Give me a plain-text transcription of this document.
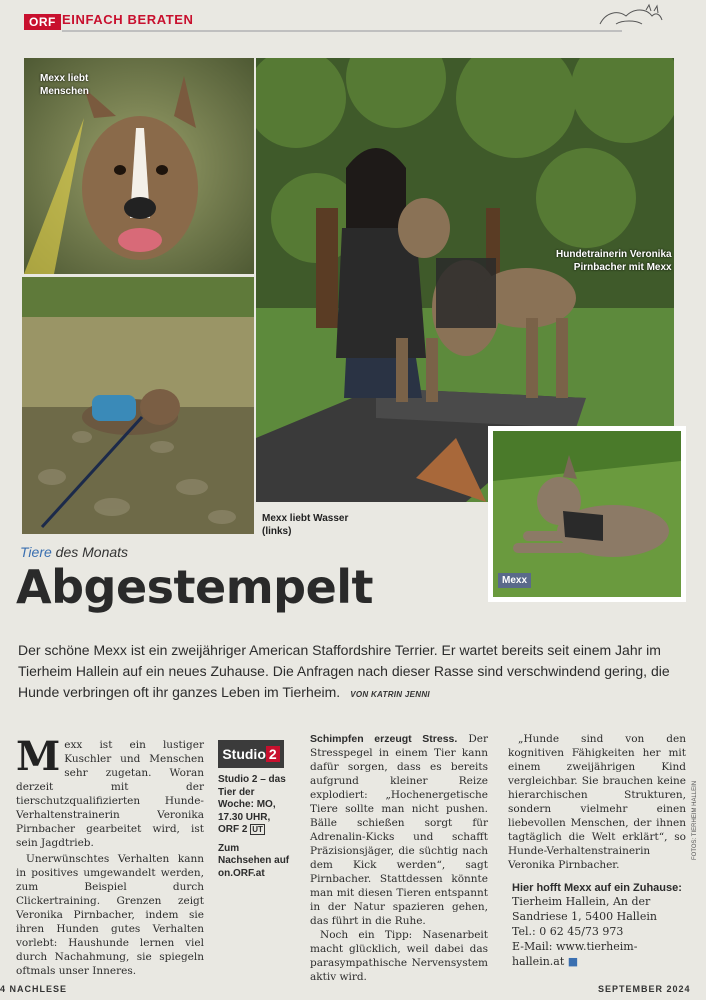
ORF EINFACH BERATEN
Mexx liebt
Menschen
Hundetrainerin Veronika
Pirnbacher mit Mexx
Mexx liebt Wasser
(links)
Mexx
Tiere des Monats
Abgestempelt
Der schöne Mexx ist ein zweijähriger American Staffordshire Terrier. Er wartet bereits seit einem Jahr im Tierheim Hallein auf ein neues Zuhause. Die Anfragen nach dieser Rasse sind verschwindend gering, die Hunde verbringen oft ihr ganzes Leben im Tierheim. VON KATRIN JENNI

Mexx ist ein lustiger Kuschler und Menschen sehr zugetan. Woran derzeit mit der tierschutzqualifizierten Hunde-Verhaltenstrainerin Veronika Pirnbacher gearbeitet wird, ist sein Jagdtrieb.

Unerwünschtes Verhalten kann in positives umgewandelt werden, zum Beispiel durch Clickertraining. Grenzen zeigt Veronika Pirnbacher, indem sie ihren Hunden gutes Verhalten vorlebt: Haushunde lernen viel durch Nachahmung, sie spiegeln oftmals unser Inneres.

Studio 2
Studio 2 – das Tier der Woche: MO, 17.30 UHR, ORF 2 UT
Zum Nachsehen auf on.ORF.at

Schimpfen erzeugt Stress. Der Stresspegel in einem Tier kann dafür sorgen, dass es bereits aufgrund kleiner Reize explodiert: „Hochenergetische Tiere sollte man nicht pushen. Bälle schießen sorgt für Adrenalin-Kicks und schafft Präzisionsjäger, die süchtig nach dem Kick werden“, sagt Pirnbacher. Stattdessen könnte man mit diesen Tieren entspannt in der Natur spazieren gehen, das führt in die Ruhe.

Noch ein Tipp: Nasenarbeit macht glücklich, weil dabei das parasympathische Nervensystem aktiv wird.

„Hunde sind von den kognitiven Fähigkeiten her mit einem zweijährigen Kind vergleichbar. Sie brauchen keine hierarchischen Strukturen, sondern vielmehr einen liebevollen Menschen, der ihnen tagtäglich die Welt erklärt“, so Hunde-Verhaltenstrainerin Veronika Pirnbacher.

Hier hofft Mexx auf ein Zuhause:
Tierheim Hallein, An der Sandriese 1, 5400 Hallein
Tel.: 0 62 45/73 973
E-Mail: www.tierheim-hallein.at ■
FOTOS: TIERHEIM HALLEIN
4 NACHLESE	SEPTEMBER 2024
